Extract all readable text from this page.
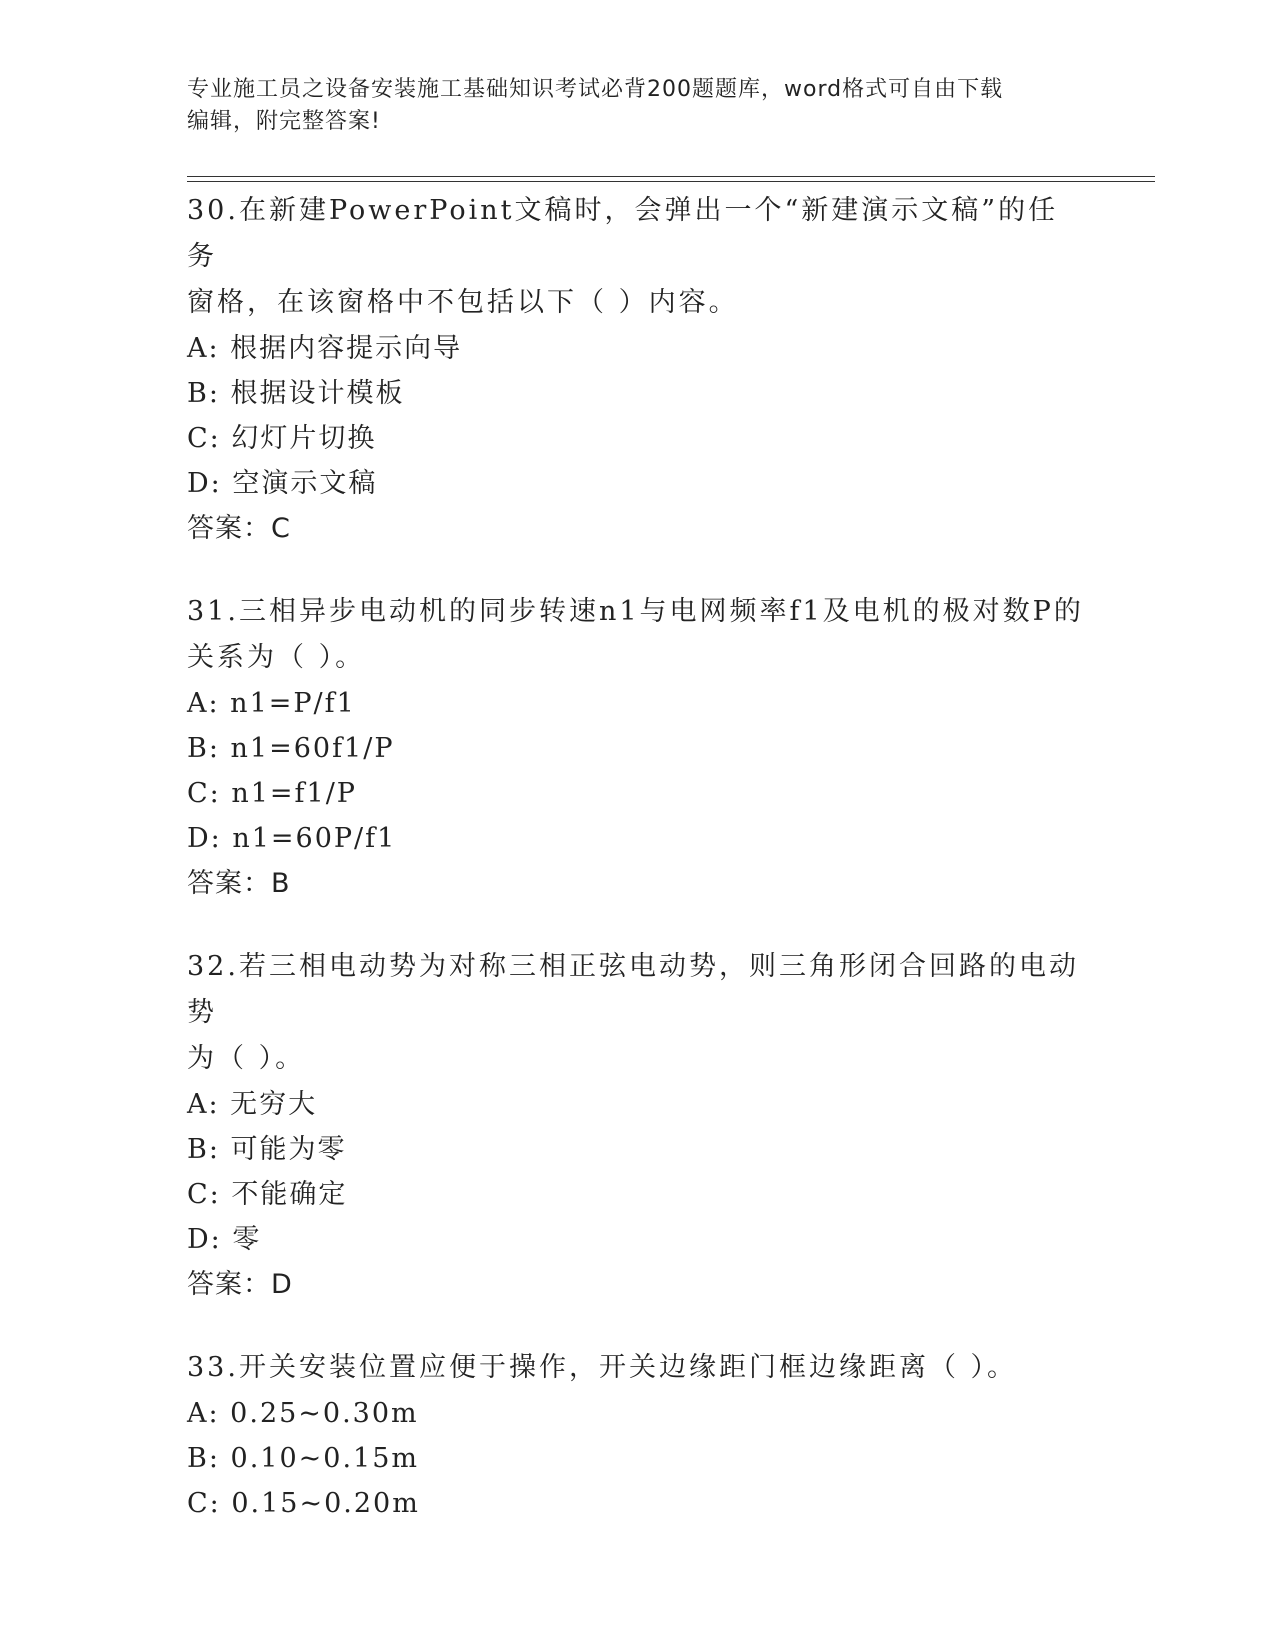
专业施工员之设备安装施工基础知识考试必背200题题库，word格式可自由下载
编辑，附完整答案!

30.在新建PowerPoint文稿时，会弹出一个“新建演示文稿”的任务

窗格，在该窗格中不包括以下（ ）内容。

A: 根据内容提示向导

B: 根据设计模板

C: 幻灯片切换

D: 空演示文稿

答案：C

31.三相异步电动机的同步转速n1与电网频率f1及电机的极对数P的

关系为（ ）。

A: n1=P/f1

B: n1=60f1/P

C: n1=f1/P

D: n1=60P/f1

答案：B

32.若三相电动势为对称三相正弦电动势，则三角形闭合回路的电动势

为（ ）。

A: 无穷大

B: 可能为零

C: 不能确定

D: 零

答案：D

33.开关安装位置应便于操作，开关边缘距门框边缘距离（ ）。

A: 0.25~0.30m

B: 0.10~0.15m

C: 0.15~0.20m
